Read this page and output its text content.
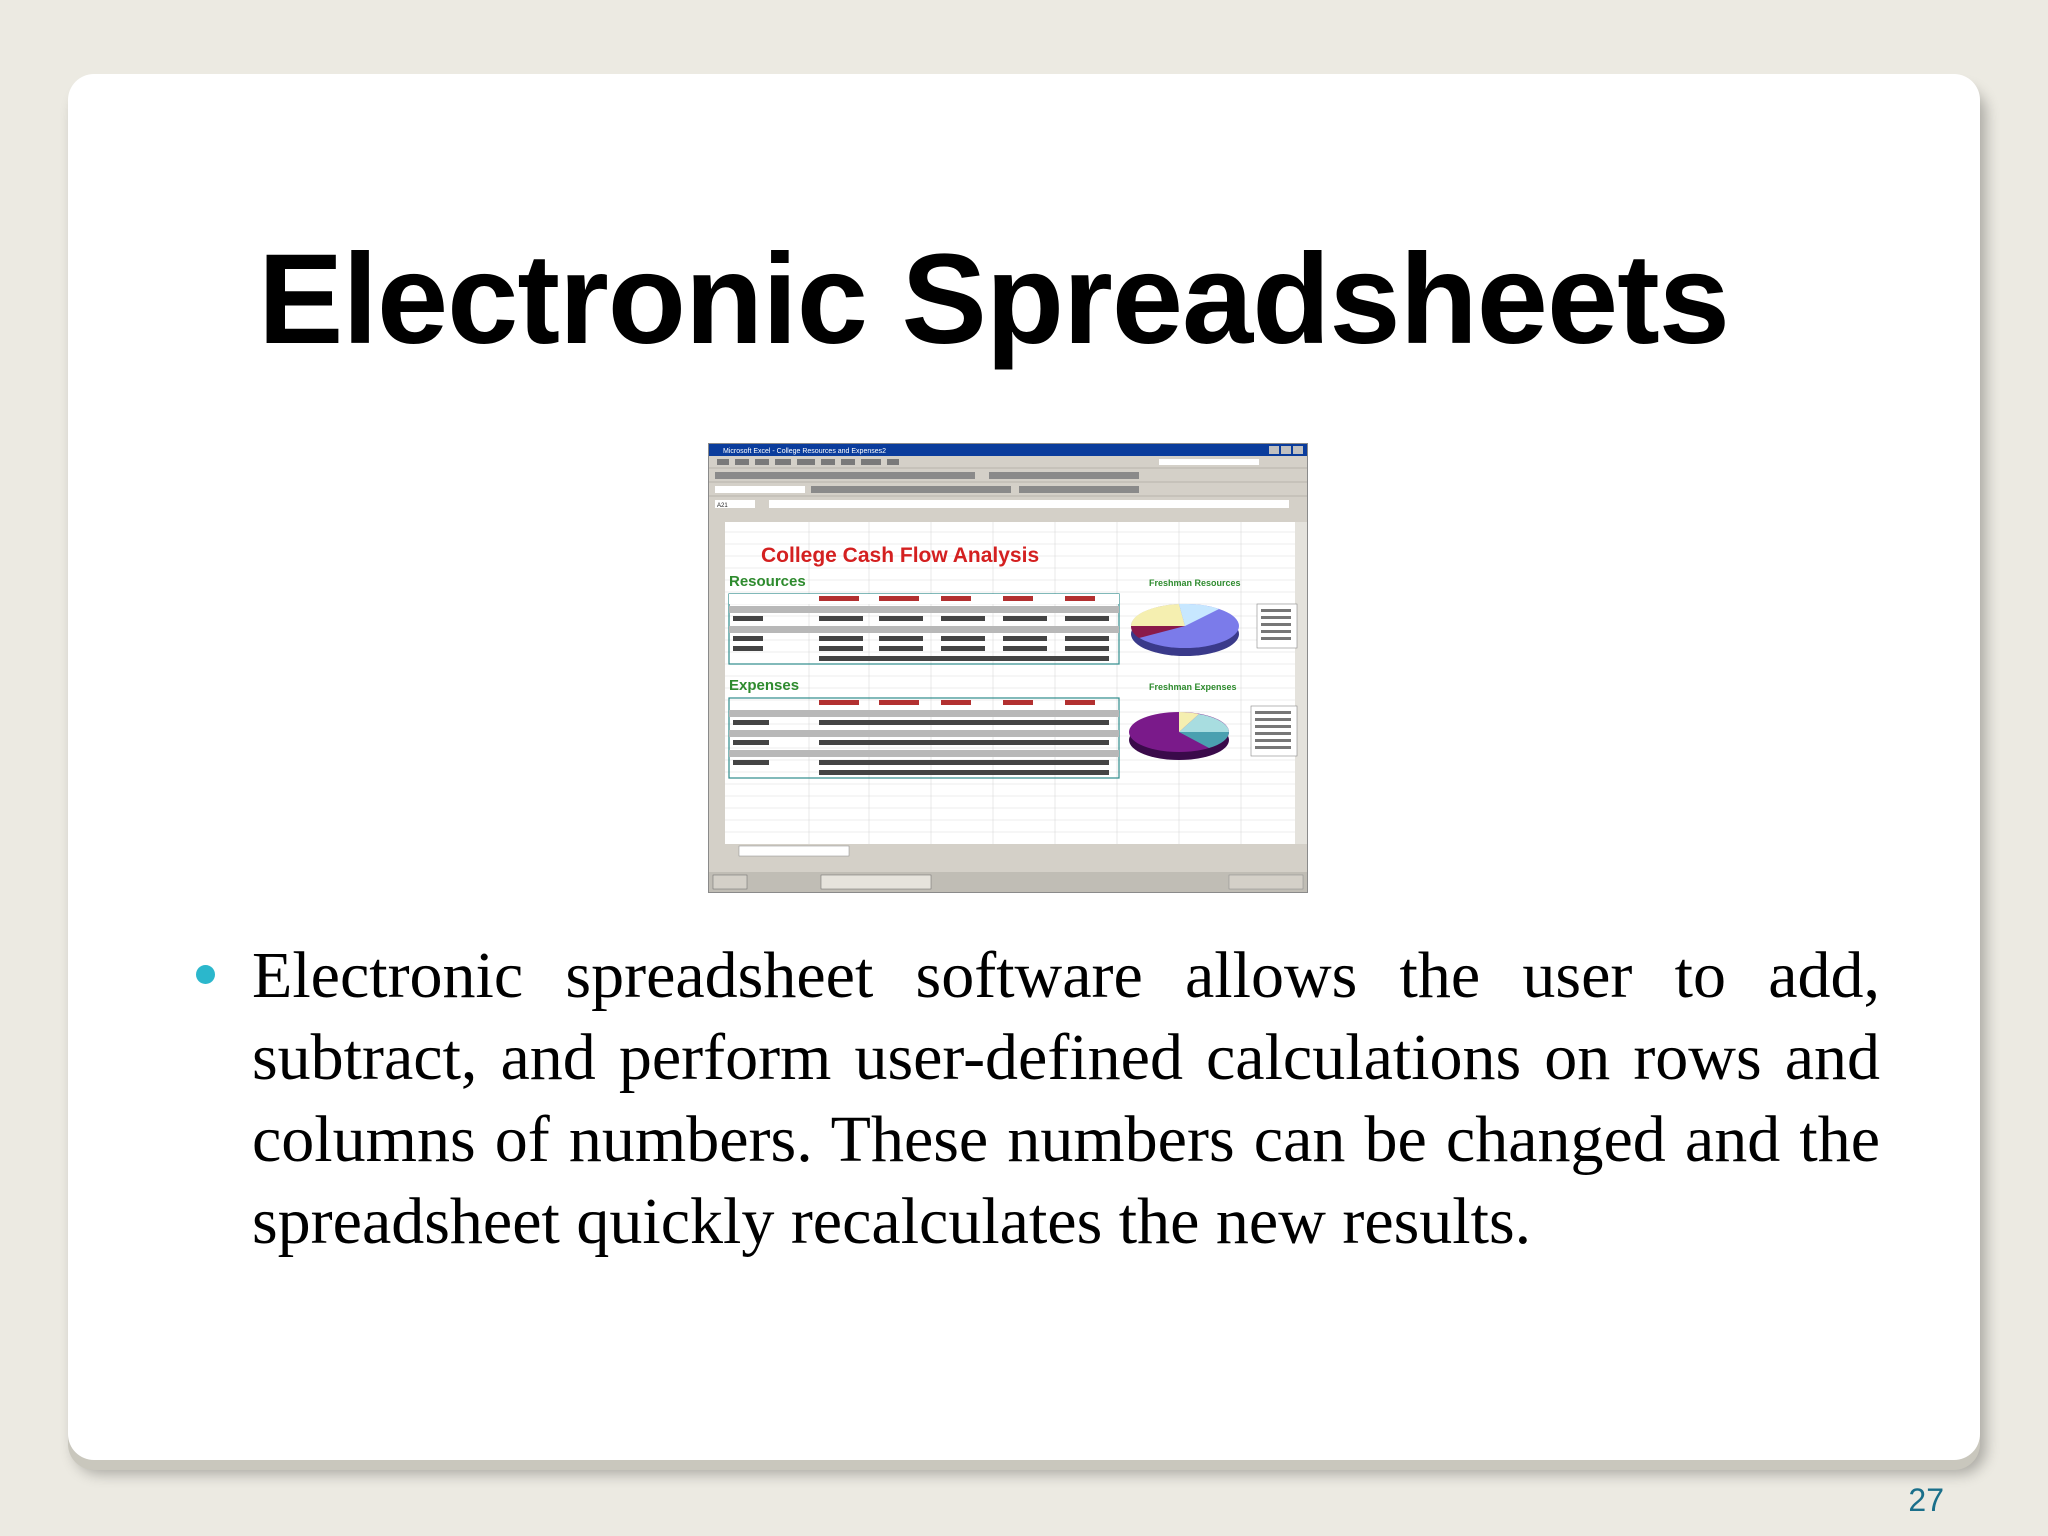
Electronic Spreadsheets
Microsoft Excel - College Resources and Expenses2
A21
College Cash Flow Analysis
Resources
Expenses
Freshman Resources
Freshman Expenses

Electronic spreadsheet software allows the user to add, subtract, and perform user-defined calculations on rows and columns of numbers. These numbers can be changed and the spreadsheet quickly recalculates the new results.

27
